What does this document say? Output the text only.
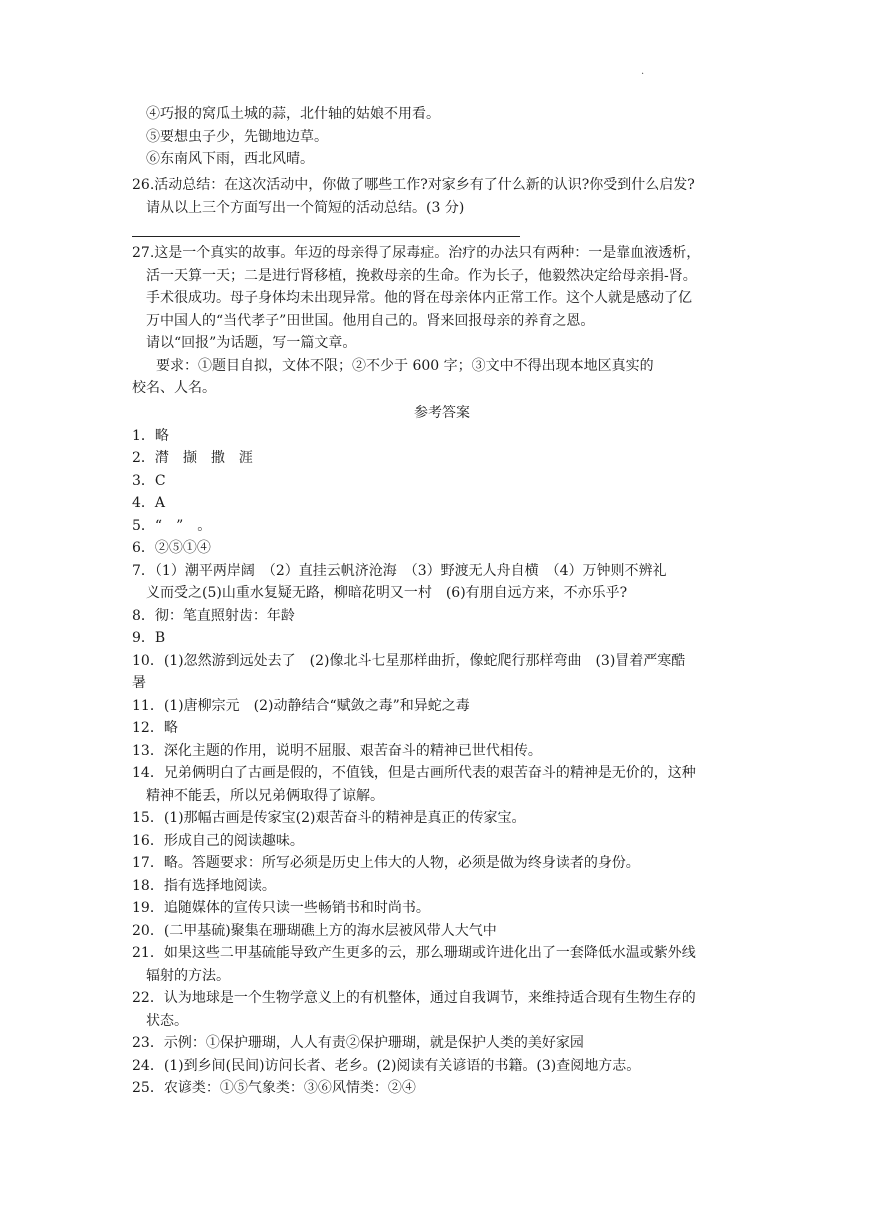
.
④巧报的窝瓜土城的蒜，北什轴的姑娘不用看。
⑤要想虫子少，先锄地边草。
⑥东南风下雨，西北风晴。
26.活动总结：在这次活动中，你做了哪些工作?对家乡有了什么新的认识?你受到什么启发?
请从以上三个方面写出一个简短的活动总结。(3 分)
27.这是一个真实的故事。年迈的母亲得了尿毒症。治疗的办法只有两种：一是靠血液透析，
活一天算一天；二是进行肾移植，挽救母亲的生命。作为长子，他毅然决定给母亲捐-肾。
手术很成功。母子身体均未出现异常。他的肾在母亲体内正常工作。这个人就是感动了亿
万中国人的“当代孝子”田世国。他用自己的。肾来回报母亲的养育之恩。
请以“回报”为话题，写一篇文章。
要求：①题目自拟，文体不限；②不少于 600 字；③文中不得出现本地区真实的
校名、人名。
参考答案
1．略
2．潸　撷　撒　涯
3．C
4．A
5．“　”　。
6．②⑤①④
7．（1）潮平两岸阔　（2）直挂云帆济沧海　（3）野渡无人舟自横　（4）万钟则不辨礼
义而受之(5)山重水复疑无路，柳暗花明又一村　(6)有朋自远方来，不亦乐乎?
8．彻：笔直照射齿：年龄
9．B
10．(1)忽然游到远处去了　(2)像北斗七星那样曲折，像蛇爬行那样弯曲　(3)冒着严寒酷
暑
11．(1)唐柳宗元　(2)动静结合“赋敛之毒”和异蛇之毒
12．略
13．深化主题的作用，说明不屈服、艰苦奋斗的精神已世代相传。
14．兄弟俩明白了古画是假的，不值钱，但是古画所代表的艰苦奋斗的精神是无价的，这种
精神不能丢，所以兄弟俩取得了谅解。
15．(1)那幅古画是传家宝(2)艰苦奋斗的精神是真正的传家宝。
16．形成自己的阅读趣味。
17．略。答题要求：所写必须是历史上伟大的人物，必须是做为终身读者的身份。
18．指有选择地阅读。
19．追随媒体的宣传只读一些畅销书和时尚书。
20．(二甲基硫)聚集在珊瑚礁上方的海水层被风带人大气中
21．如果这些二甲基硫能导致产生更多的云，那么珊瑚或许进化出了一套降低水温或紫外线
辐射的方法。
22．认为地球是一个生物学意义上的有机整体，通过自我调节，来维持适合现有生物生存的
状态。
23．示例：①保护珊瑚，人人有责②保护珊瑚，就是保护人类的美好家园
24．(1)到乡间(民间)访问长者、老乡。(2)阅读有关谚语的书籍。(3)查阅地方志。
25．农谚类：①⑤气象类：③⑥风情类：②④
